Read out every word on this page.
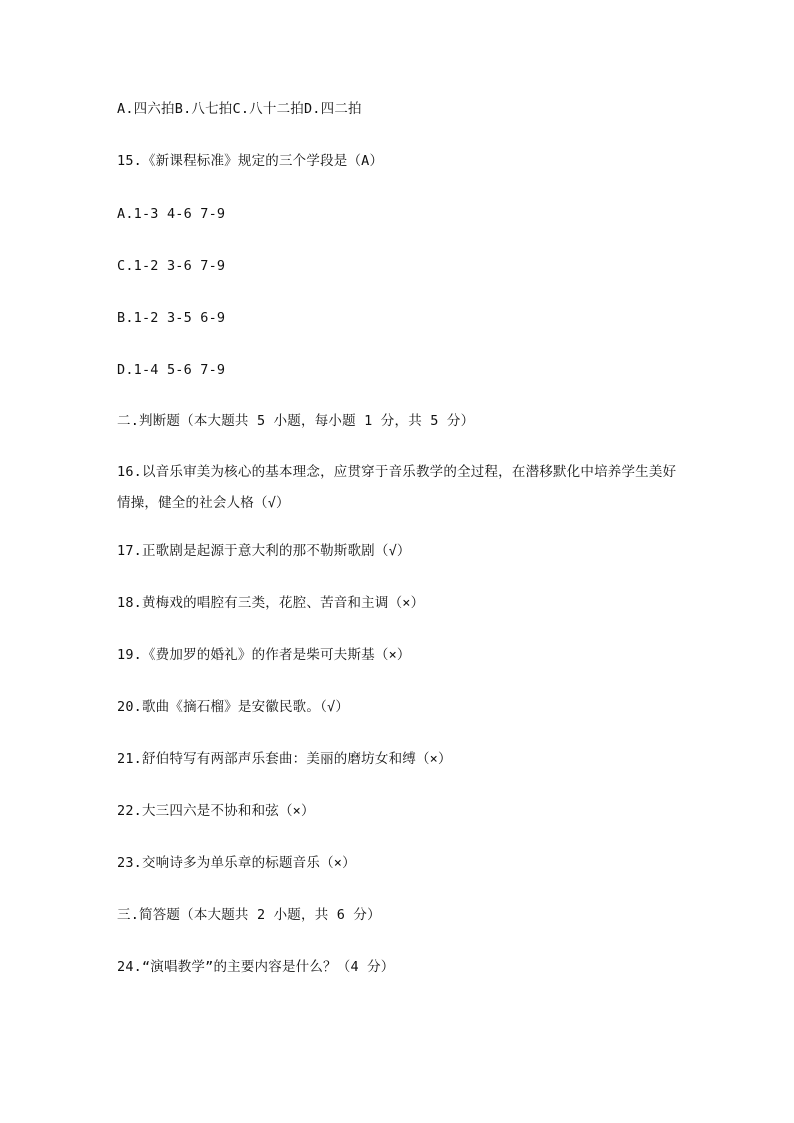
A.四六拍B.八七拍C.八十二拍D.四二拍
15.《新课程标准》规定的三个学段是（A）
A.1-3 4-6 7-9
C.1-2 3-6 7-9
B.1-2 3-5 6-9
D.1-4 5-6 7-9
二.判断题（本大题共 5 小题，每小题 1 分，共 5 分）
16.以音乐审美为核心的基本理念，应贯穿于音乐教学的全过程，在潜移默化中培养学生美好情操，健全的社会人格（√）
17.正歌剧是起源于意大利的那不勒斯歌剧（√）
18.黄梅戏的唱腔有三类，花腔、苦音和主调（×）
19.《费加罗的婚礼》的作者是柴可夫斯基（×）
20.歌曲《摘石榴》是安徽民歌。（√）
21.舒伯特写有两部声乐套曲：美丽的磨坊女和缚（×）
22.大三四六是不协和和弦（×）
23.交响诗多为单乐章的标题音乐（×）
三.简答题（本大题共 2 小题，共 6 分）
24.“演唱教学”的主要内容是什么？（4 分）
